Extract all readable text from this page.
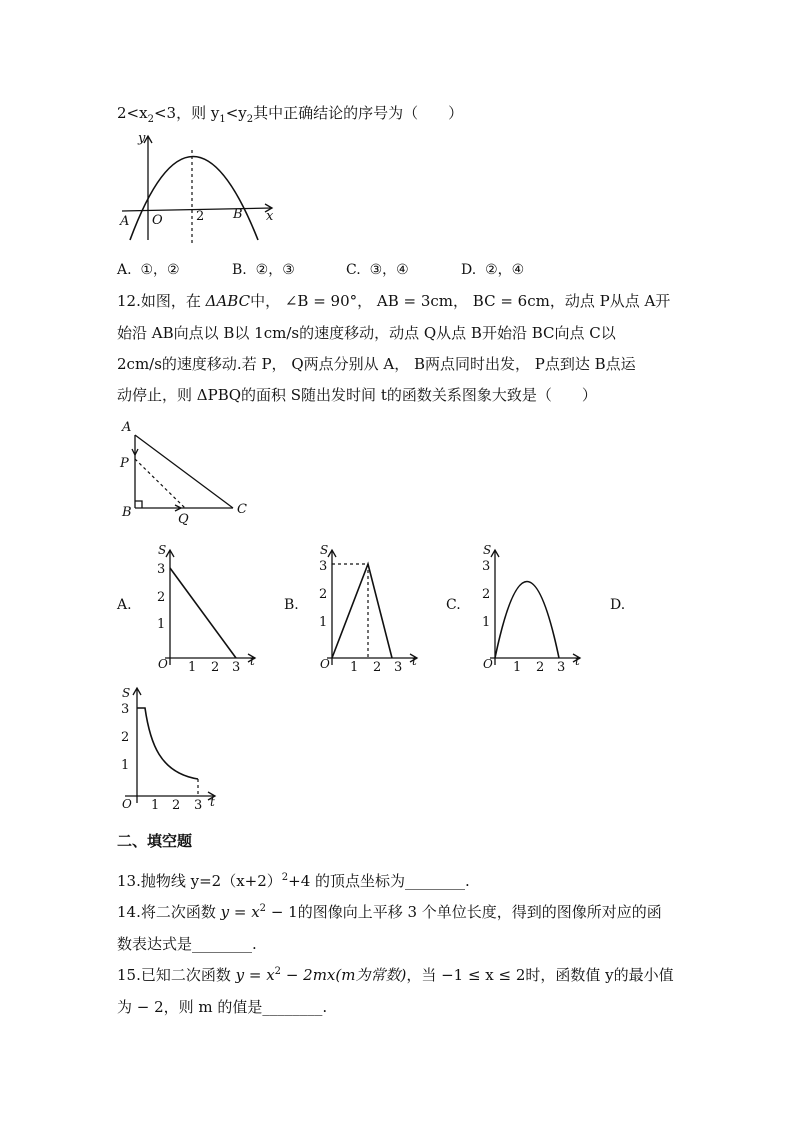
$2<x_2<3$，则 $y_1<y_2$其中正确结论的序号为（　　）
y
x
A O	2 B
A. ①，②	B. ②，③	C. ③，④	D. ②，④
12.如图，在 ΔABC中， ∠B = 90°， AB = 3cm， BC = 6cm，动点 P从点 A开
始沿 AB向点以 B以 1cm/s的速度移动，动点 Q从点 B开始沿 BC向点 C以
2cm/s的速度移动.若 P， Q两点分别从 A， B两点同时出发， P点到达 B点运
动停止，则 ΔPBQ的面积 S随出发时间 t的函数关系图象大致是（　　）
A
P
B	Q
C
A.	B.	C.	D.
S
t
O
3
2
1
1 2 3
S
t
O
3
2
1
1 2 3
S
t
O
3
2
1
1 2 3
S
t
O
3
2
1
1 2 3
二、填空题
13.抛物线 $y=2(x+2)^2+4$ 的顶点坐标为________.
14.将二次函数 $y = x^2 - 1$的图像向上平移 3 个单位长度，得到的图像所对应的函
数表达式是________.
15.已知二次函数 $y = x^2 - 2mx(m$为常数)，当 −1 ≤ x ≤ 2时，函数值 y的最小值
为 − 2，则 m 的值是________.
